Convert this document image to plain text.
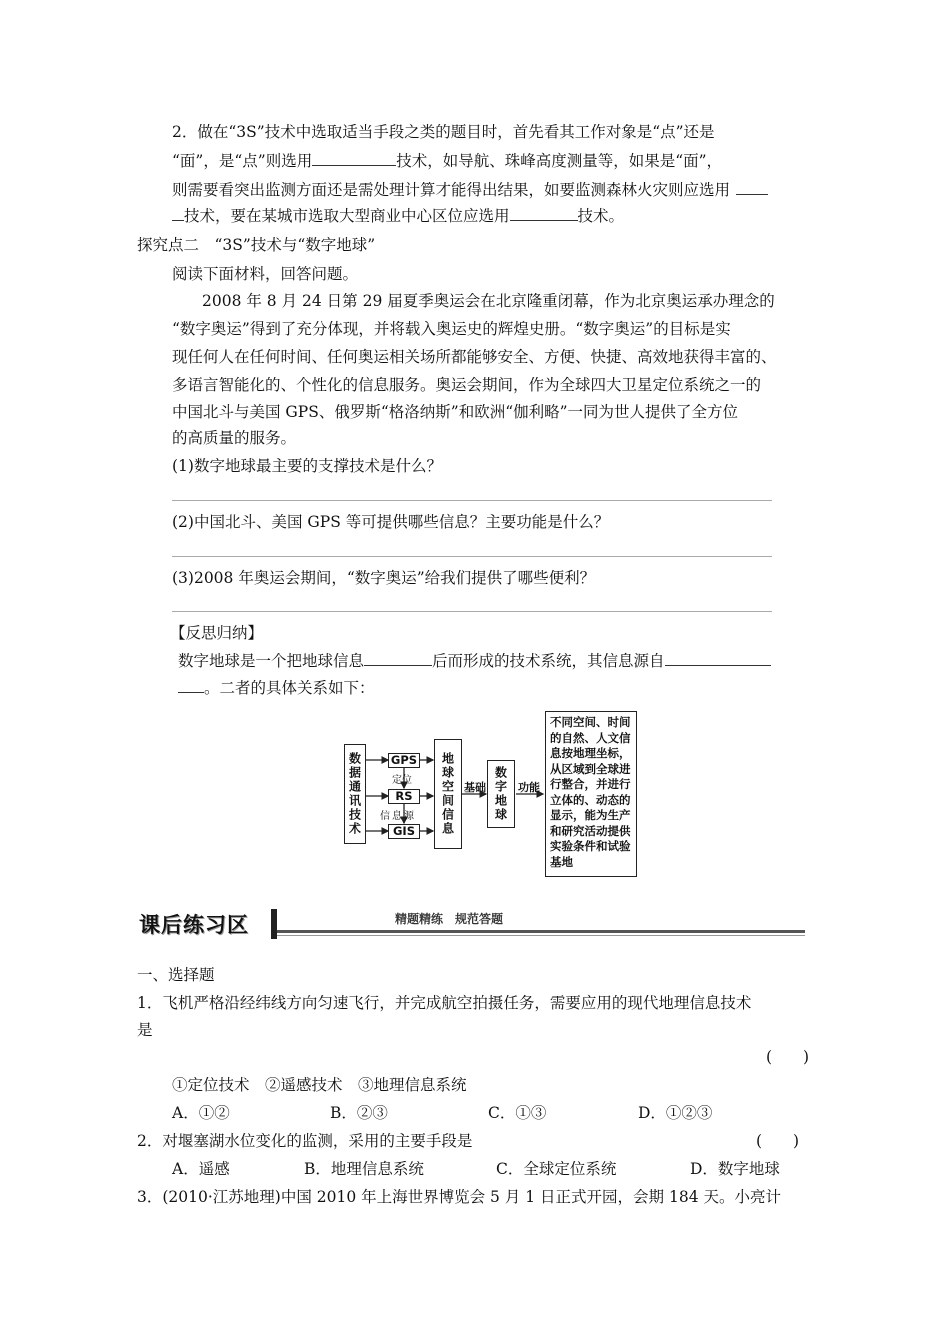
2．做在“3S”技术中选取适当手段之类的题目时，首先看其工作对象是“点”还是
“面”，是“点”则选用	技术，如导航、珠峰高度测量等，如果是“面”，
则需要看突出监测方面还是需处理计算才能得出结果，如要监测森林火灾则应选用
技术，要在某城市选取大型商业中心区位应选用	技术。
探究点二　“3S”技术与“数字地球”
阅读下面材料，回答问题。
2008 年 8 月 24 日第 29 届夏季奥运会在北京隆重闭幕，作为北京奥运承办理念的
“数字奥运”得到了充分体现，并将载入奥运史的辉煌史册。“数字奥运”的目标是实
现任何人在任何时间、任何奥运相关场所都能够安全、方便、快捷、高效地获得丰富的、
多语言智能化的、个性化的信息服务。奥运会期间，作为全球四大卫星定位系统之一的
中国北斗与美国 GPS、俄罗斯“格洛纳斯”和欧洲“伽利略”一同为世人提供了全方位
的高质量的服务。
(1)数字地球最主要的支撑技术是什么？
(2)中国北斗、美国 GPS 等可提供哪些信息？主要功能是什么？
(3)2008 年奥运会期间，“数字奥运”给我们提供了哪些便利？
【反思归纳】
数字地球是一个把地球信息	后而形成的技术系统，其信息源自
。二者的具体关系如下：
数据通讯技术	GPS
RS
GIS
定位
信息源	地球空间信息 基础 数字地球 功能
不同空间、时间
的自然、人文信
息按地理坐标，
从区域到全球进
行整合，并进行
立体的、动态的
显示，能为生产
和研究活动提供
实验条件和试验
基地
课后练习区	精题精练　规范答题
一、选择题
1．飞机严格沿经纬线方向匀速飞行，并完成航空拍摄任务，需要应用的现代地理信息技术
是
(　　)
①定位技术　②遥感技术　③地理信息系统
A．①②	B．②③	C．①③	D．①②③
2．对堰塞湖水位变化的监测，采用的主要手段是	(　　)
A．遥感	B．地理信息系统	C．全球定位系统	D．数字地球
3．(2010·江苏地理)中国 2010 年上海世界博览会 5 月 1 日正式开园，会期 184 天。小亮计
